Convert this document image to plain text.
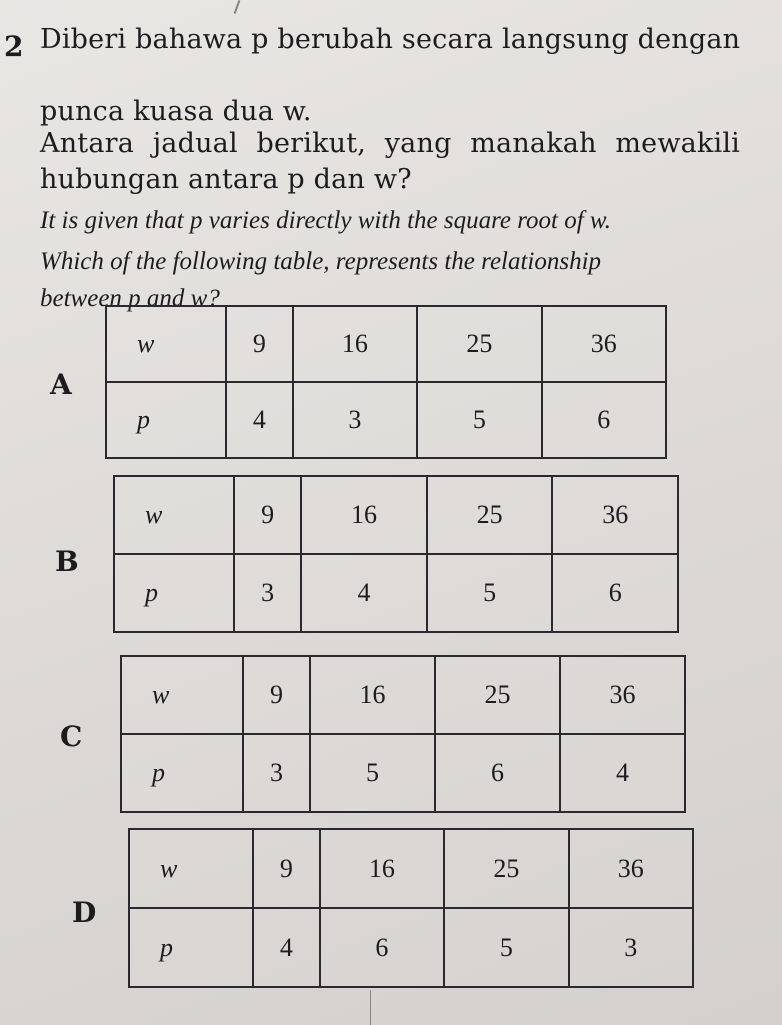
2 Diberi bahawa p berubah secara langsung dengan
punca kuasa dua w.
Antara jadual berikut, yang manakah mewakili
hubungan antara p dan w?
It is given that p varies directly with the square root of w.
Which of the following table, represents the relationship
between p and w?
A
w	9	16	25	36
p	4	3	5	6
B
w	9	16	25	36
p	3	4	5	6
C
w	9	16	25	36
p	3	5	6	4
D
w	9	16	25	36
p	4	6	5	3
